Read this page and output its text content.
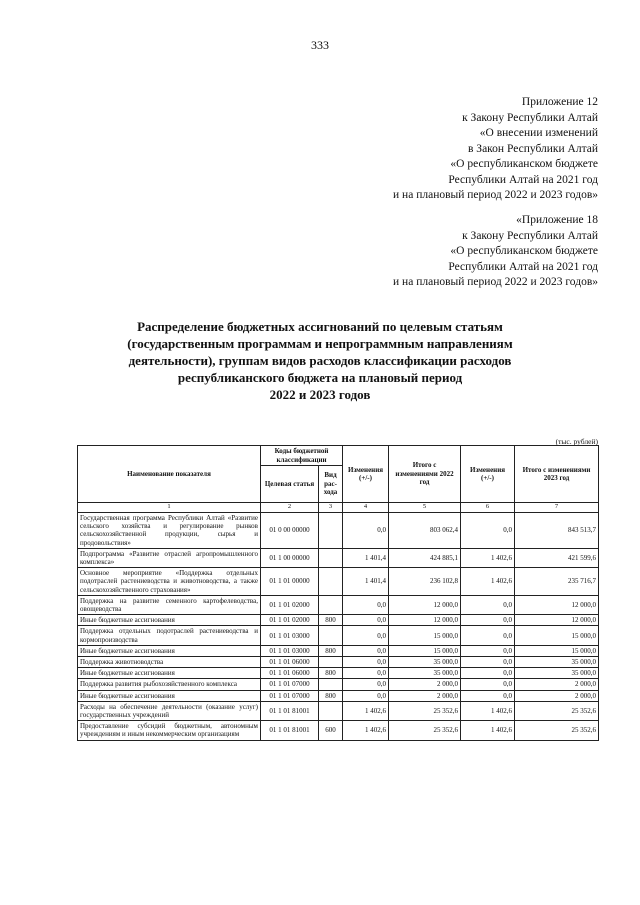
333
Приложение 12
к Закону Республики Алтай
«О внесении изменений
в Закон Республики Алтай
«О республиканском бюджете
Республики Алтай на 2021 год
и на плановый период 2022 и 2023 годов»
«Приложение 18
к Закону Республики Алтай
«О республиканском бюджете
Республики Алтай на 2021 год
и на плановый период 2022 и 2023 годов»
Распределение бюджетных ассигнований по целевым статьям
(государственным программам и непрограммным направлениям
деятельности), группам видов расходов классификации расходов
республиканского бюджета на плановый период
2022 и 2023 годов
(тыс. рублей)
Наименование показателя	Коды бюджетной классификации		Изменения (+/-)	Итого с изменениями 2022 год	Изменения (+/-)	Итого с изменениями 2023 год
	Целевая статья	Вид рас-хода				
1	2	3	4	5	6	7
Государственная программа Республики Алтай «Развитие сельского хозяйства и регулирование рынков сельскохозяйственной продукции, сырья и продовольствия»	01 0 00 00000		0,0	803 062,4	0,0	843 513,7
Подпрограмма «Развитие отраслей агропромышленного комплекса»	01 1 00 00000		1 401,4	424 885,1	1 402,6	421 599,6
Основное мероприятие «Поддержка отдельных подотраслей растениеводства и животноводства, а также сельскохозяйственного страхования»	01 1 01 00000		1 401,4	236 102,8	1 402,6	235 716,7
Поддержка на развитие семенного картофелеводства, овощеводства	01 1 01 02000		0,0	12 000,0	0,0	12 000,0
Иные бюджетные ассигнования	01 1 01 02000	800	0,0	12 000,0	0,0	12 000,0
Поддержка отдельных подотраслей растениеводства и кормопроизводства	01 1 01 03000		0,0	15 000,0	0,0	15 000,0
Иные бюджетные ассигнования	01 1 01 03000	800	0,0	15 000,0	0,0	15 000,0
Поддержка животноводства	01 1 01 06000		0,0	35 000,0	0,0	35 000,0
Иные бюджетные ассигнования	01 1 01 06000	800	0,0	35 000,0	0,0	35 000,0
Поддержка развития рыбохозяйственного комплекса	01 1 01 07000		0,0	2 000,0	0,0	2 000,0
Иные бюджетные ассигнования	01 1 01 07000	800	0,0	2 000,0	0,0	2 000,0
Расходы на обеспечение деятельности (оказание услуг) государственных учреждений	01 1 01 81001		1 402,6	25 352,6	1 402,6	25 352,6
Предоставление субсидий бюджетным, автономным учреждениям и иным некоммерческим организациям	01 1 01 81001	600	1 402,6	25 352,6	1 402,6	25 352,6
